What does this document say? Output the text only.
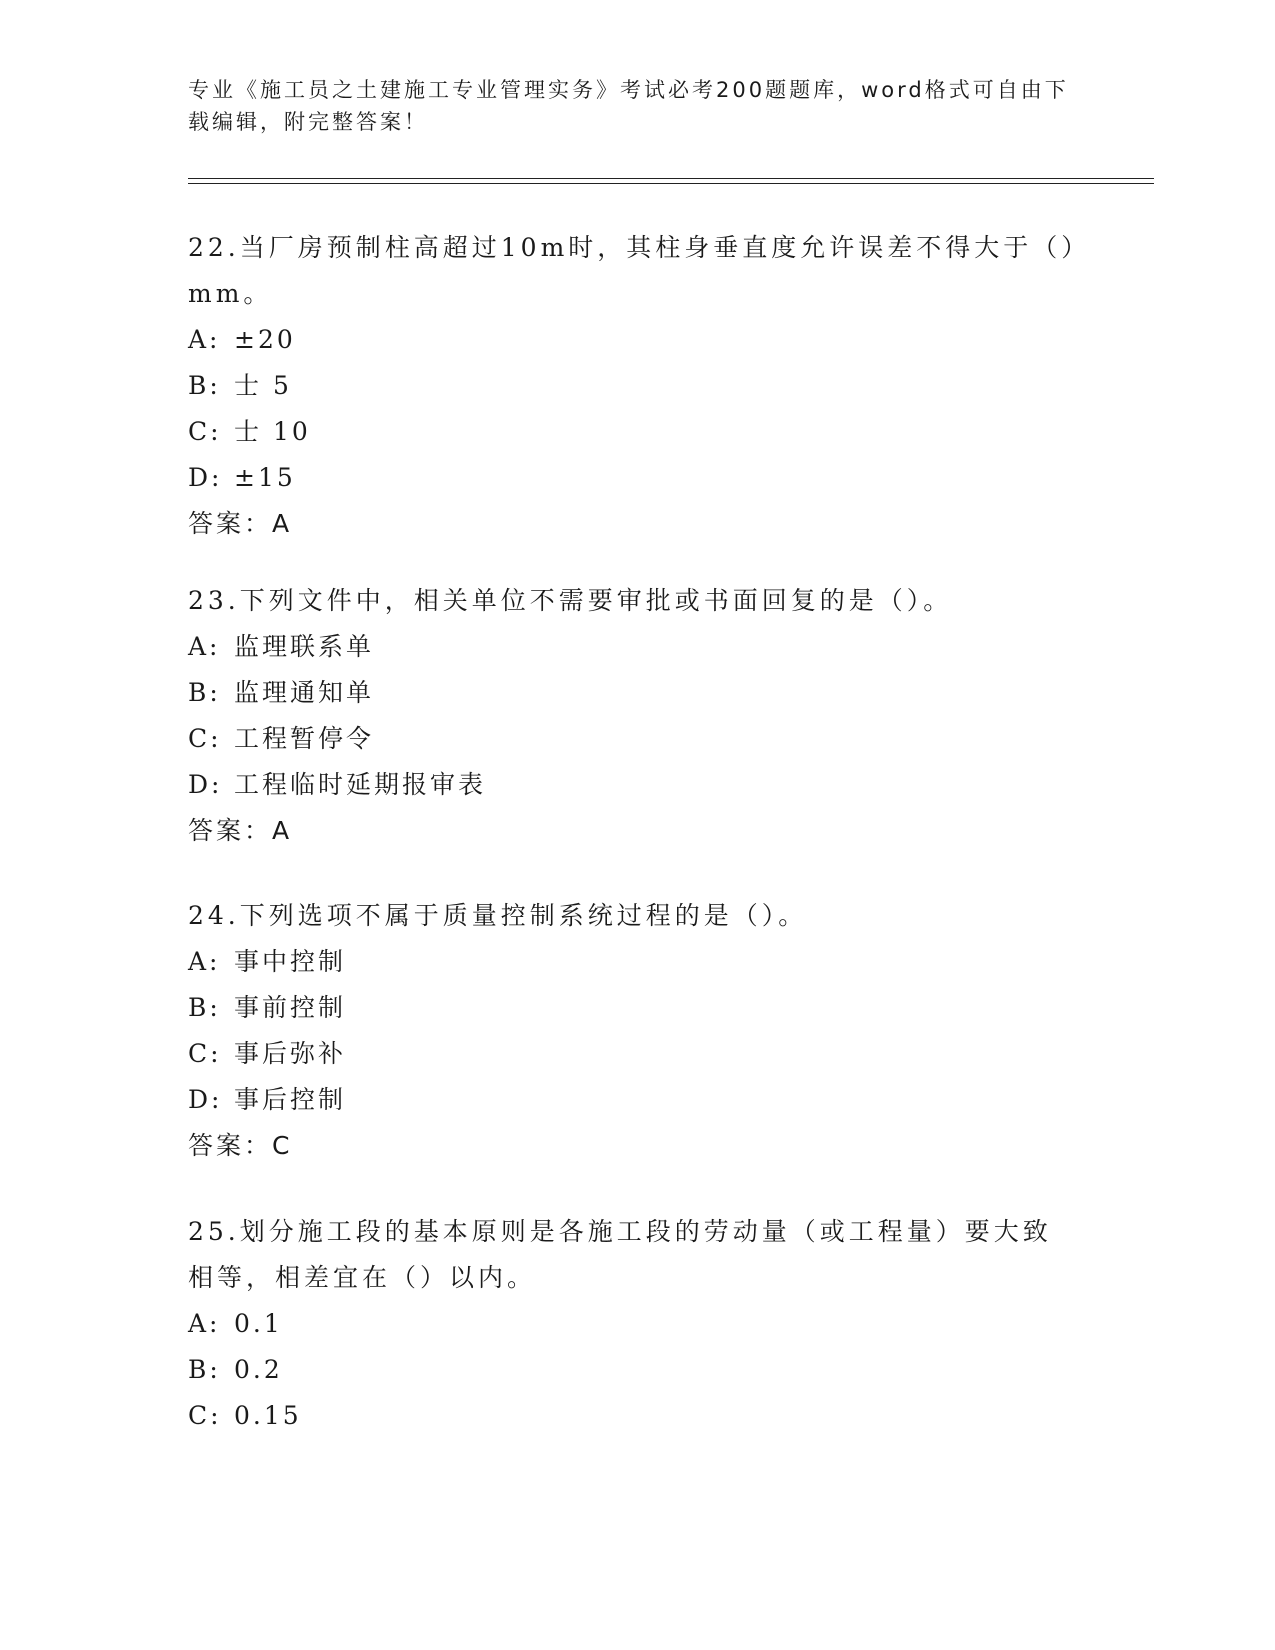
专业《施工员之土建施工专业管理实务》考试必考200题题库，word格式可自由下载编辑，附完整答案！
22.当厂房预制柱高超过10m时，其柱身垂直度允许误差不得大于（）mm。
A: ±20
B: 士 5
C: 士 10
D: ±15
答案：A
23.下列文件中，相关单位不需要审批或书面回复的是（）。
A: 监理联系单
B: 监理通知单
C: 工程暂停令
D: 工程临时延期报审表
答案：A
24.下列选项不属于质量控制系统过程的是（）。
A: 事中控制
B: 事前控制
C: 事后弥补
D: 事后控制
答案：C
25.划分施工段的基本原则是各施工段的劳动量（或工程量）要大致相等，相差宜在（）以内。
A: 0.1
B: 0.2
C: 0.15
